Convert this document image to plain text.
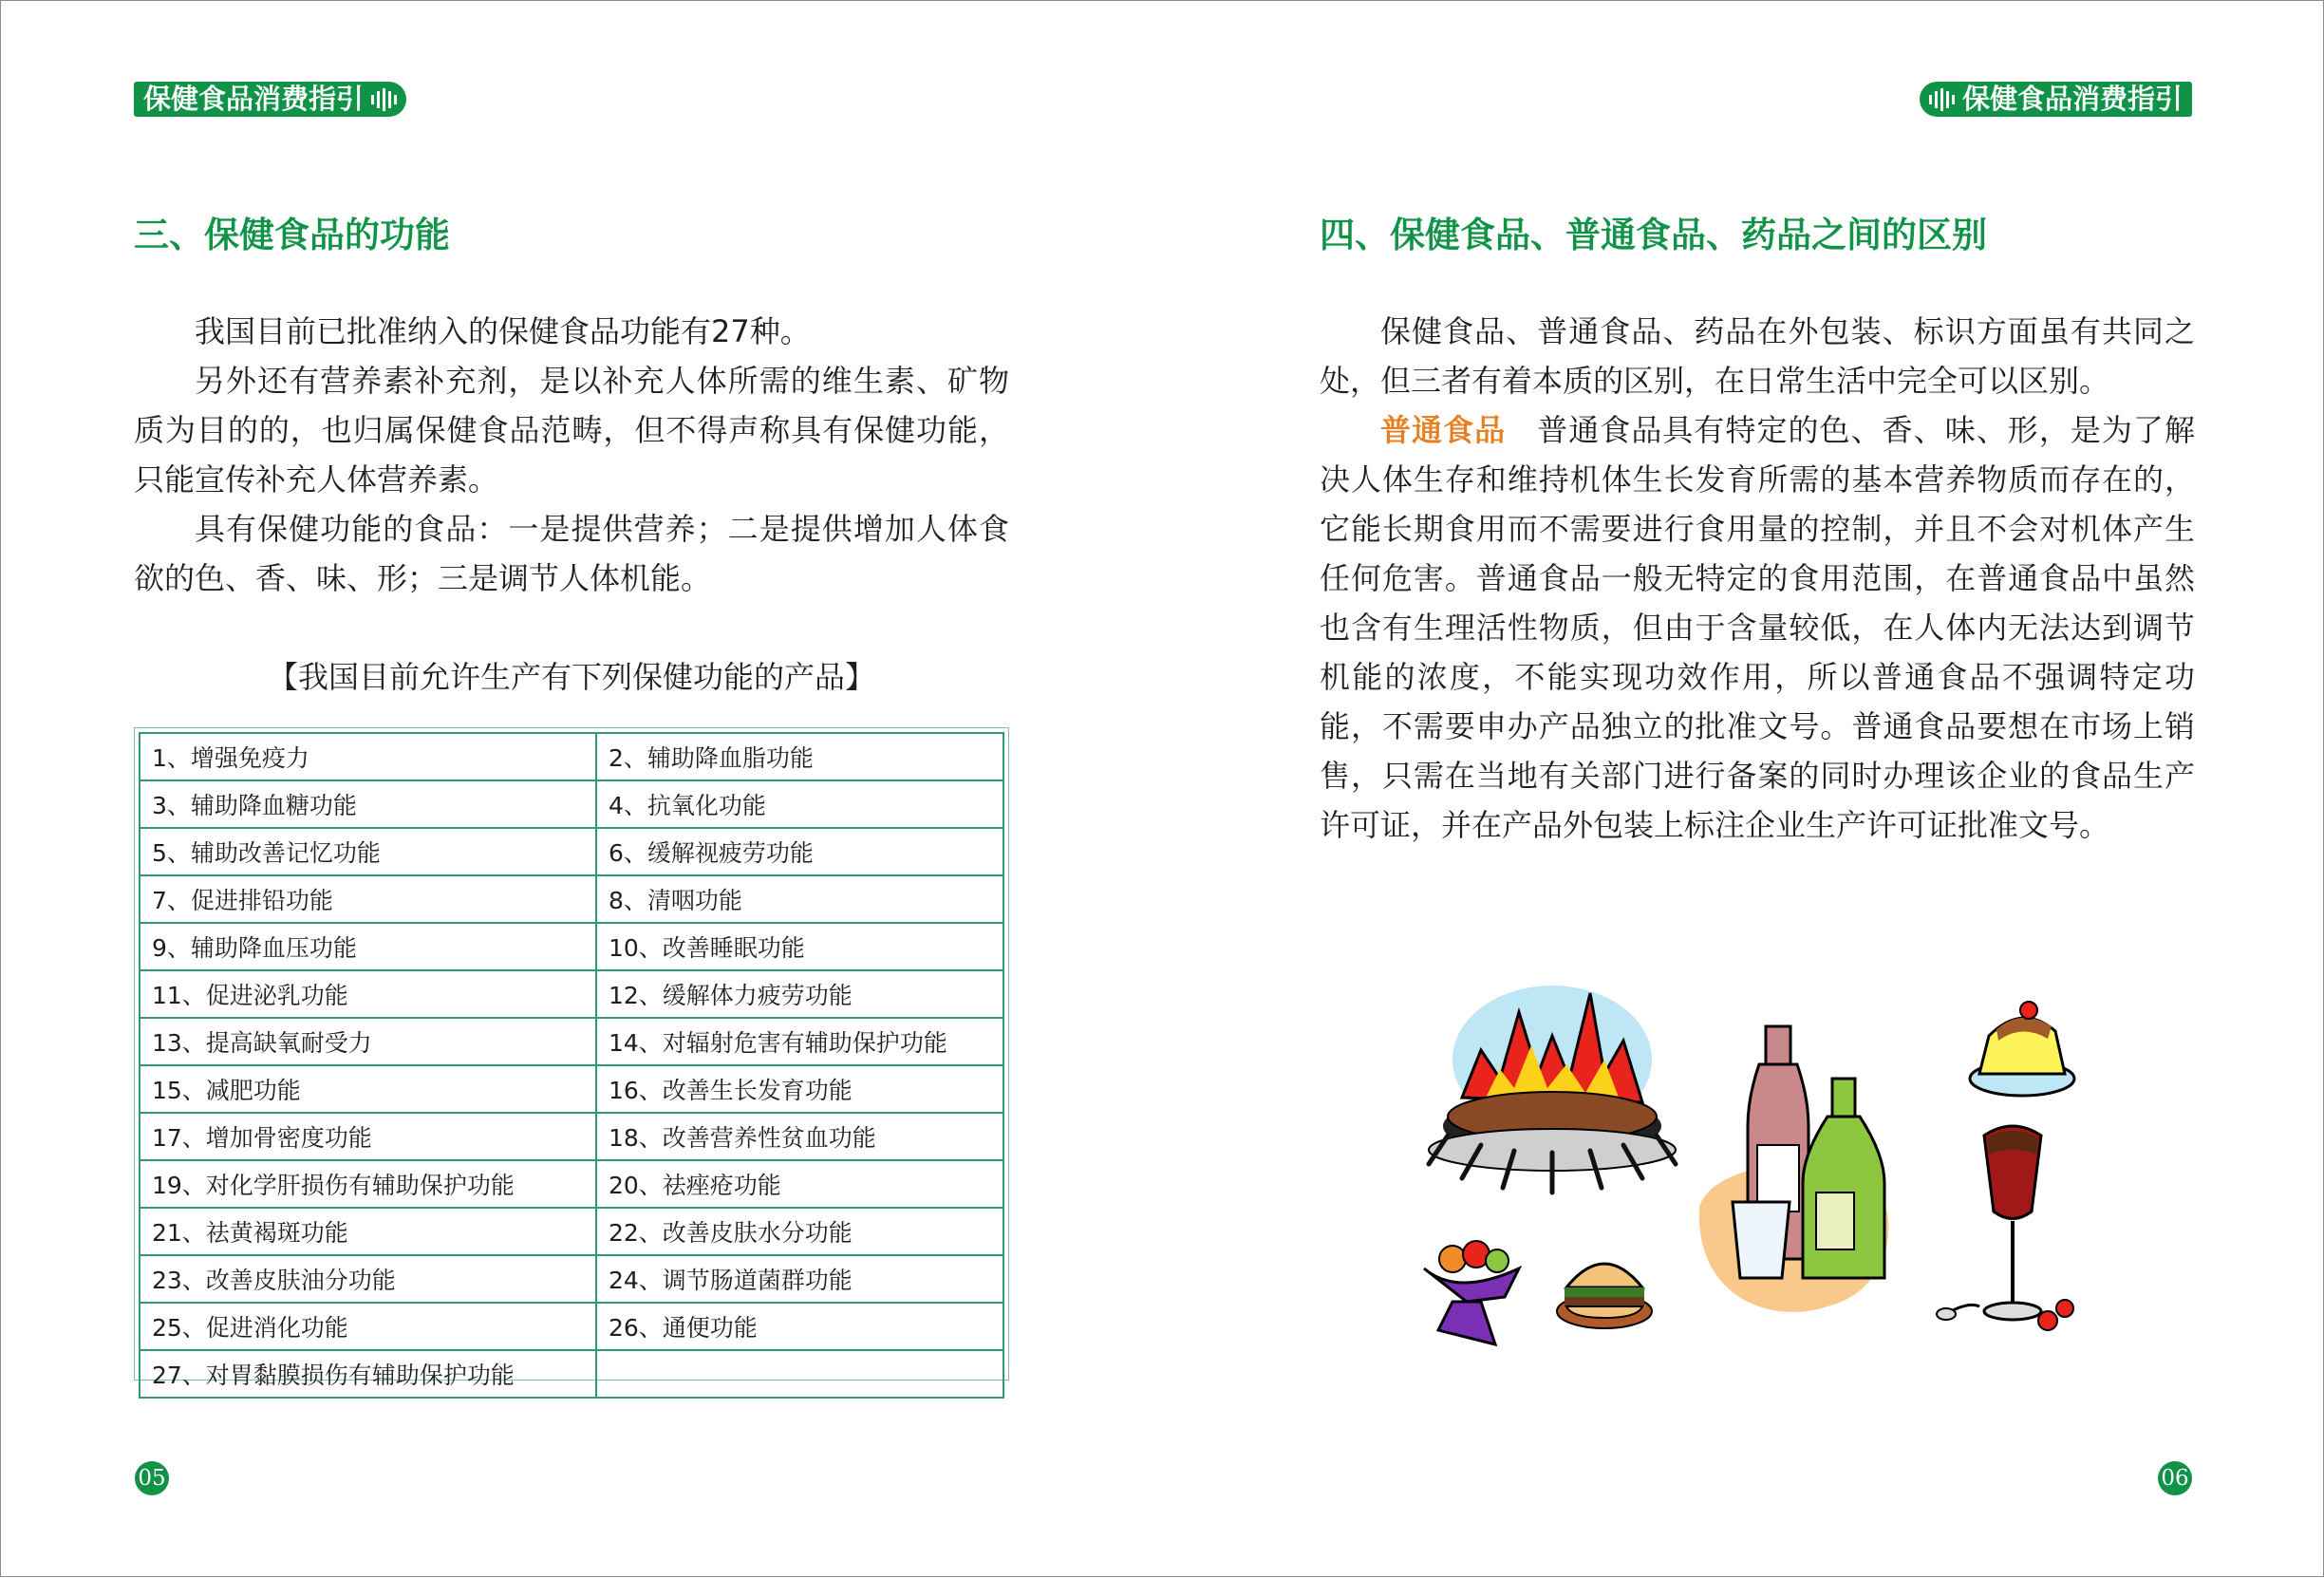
保健食品消费指引
三、保健食品的功能

我国目前已批准纳入的保健食品功能有27种。

另外还有营养素补充剂，是以补充人体所需的维生素、矿物质为目的的，也归属保健食品范畴，但不得声称具有保健功能，只能宣传补充人体营养素。

具有保健功能的食品：一是提供营养；二是提供增加人体食欲的色、香、味、形；三是调节人体机能。

【我国目前允许生产有下列保健功能的产品】

1、增强免疫力	2、辅助降血脂功能
3、辅助降血糖功能	4、抗氧化功能
5、辅助改善记忆功能	6、缓解视疲劳功能
7、促进排铅功能	8、清咽功能
9、辅助降血压功能	10、改善睡眠功能
11、促进泌乳功能	12、缓解体力疲劳功能
13、提高缺氧耐受力	14、对辐射危害有辅助保护功能
15、减肥功能	16、改善生长发育功能
17、增加骨密度功能	18、改善营养性贫血功能
19、对化学肝损伤有辅助保护功能	20、祛痤疮功能
21、祛黄褐斑功能	22、改善皮肤水分功能
23、改善皮肤油分功能	24、调节肠道菌群功能
25、促进消化功能	26、通便功能
27、对胃黏膜损伤有辅助保护功能	
05
保健食品消费指引
四、保健食品、普通食品、药品之间的区别

保健食品、普通食品、药品在外包装、标识方面虽有共同之处，但三者有着本质的区别，在日常生活中完全可以区别。

普通食品　 普通食品具有特定的色、香、味、形，是为了解决人体生存和维持机体生长发育所需的基本营养物质而存在的，它能长期食用而不需要进行食用量的控制，并且不会对机体产生任何危害。普通食品一般无特定的食用范围，在普通食品中虽然也含有生理活性物质，但由于含量较低，在人体内无法达到调节机能的浓度，不能实现功效作用，所以普通食品不强调特定功能，不需要申办产品独立的批准文号。普通食品要想在市场上销售，只需在当地有关部门进行备案的同时办理该企业的食品生产许可证，并在产品外包装上标注企业生产许可证批准文号。

06
